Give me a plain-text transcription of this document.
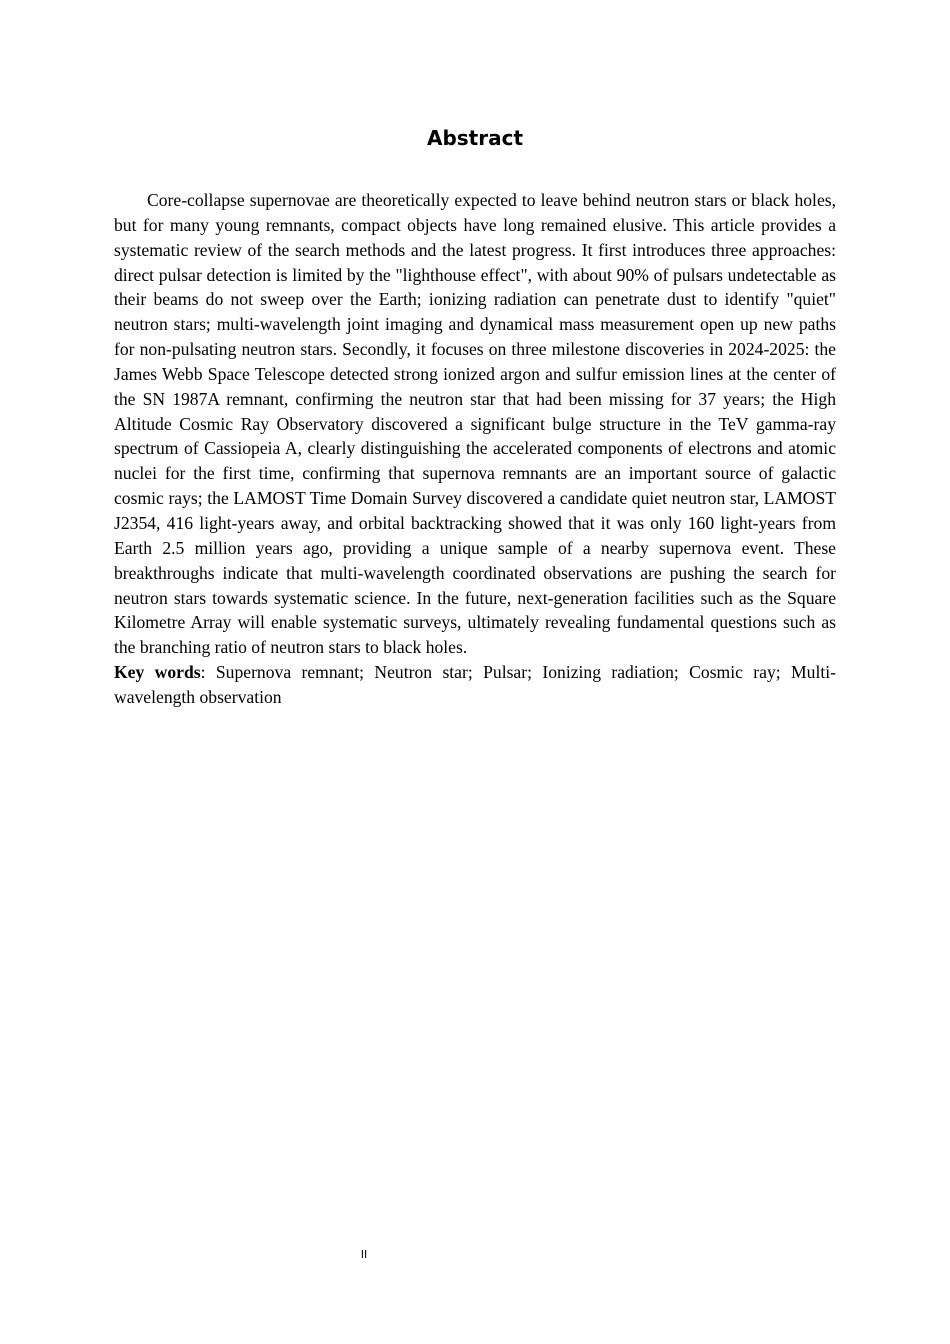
Abstract

Core-collapse supernovae are theoretically expected to leave behind neutron stars or black holes, but for many young remnants, compact objects have long remained elusive. This article provides a systematic review of the search methods and the latest progress. It first introduces three approaches: direct pulsar detection is limited by the "lighthouse effect", with about 90% of pulsars undetectable as their beams do not sweep over the Earth; ionizing radiation can penetrate dust to identify "quiet" neutron stars; multi-wavelength joint imaging and dynamical mass measurement open up new paths for non-pulsating neutron stars. Secondly, it focuses on three milestone discoveries in 2024-2025: the James Webb Space Telescope detected strong ionized argon and sulfur emission lines at the center of the SN 1987A remnant, confirming the neutron star that had been missing for 37 years; the High Altitude Cosmic Ray Observatory discovered a significant bulge structure in the TeV gamma-ray spectrum of Cassiopeia A, clearly distinguishing the accelerated components of electrons and atomic nuclei for the first time, confirming that supernova remnants are an important source of galactic cosmic rays; the LAMOST Time Domain Survey discovered a candidate quiet neutron star, LAMOST J2354, 416 light-years away, and orbital backtracking showed that it was only 160 light-years from Earth 2.5 million years ago, providing a unique sample of a nearby supernova event. These breakthroughs indicate that multi-wavelength coordinated observations are pushing the search for neutron stars towards systematic science. In the future, next-generation facilities such as the Square Kilometre Array will enable systematic surveys, ultimately revealing fundamental questions such as the branching ratio of neutron stars to black holes.

Key words: Supernova remnant; Neutron star; Pulsar; Ionizing radiation; Cosmic ray; Multi-wavelength observation

II
